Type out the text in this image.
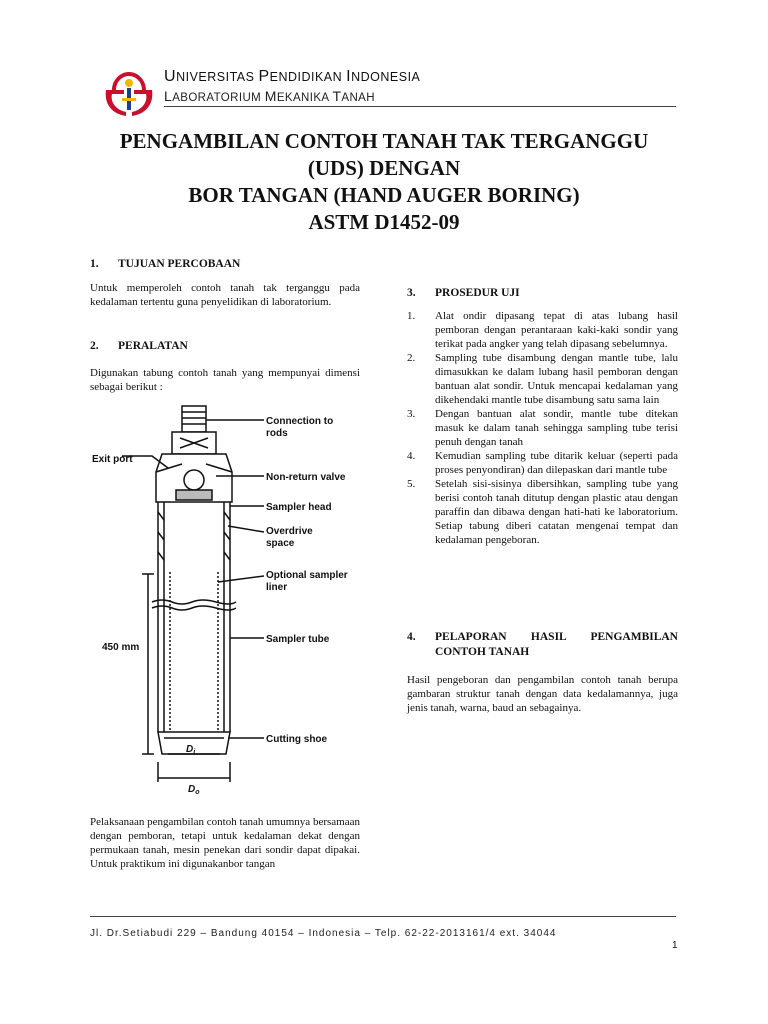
UNIVERSITAS PENDIDIKAN INDONESIA
LABORATORIUM MEKANIKA TANAH
PENGAMBILAN CONTOH TANAH TAK TERGANGGU
(UDS) DENGAN
BOR TANGAN (HAND AUGER BORING)
ASTM D1452-09
1. TUJUAN PERCOBAAN
Untuk memperoleh contoh tanah tak terganggu pada kedalaman tertentu guna penyelidikan di laboratorium.
2. PERALATAN
Digunakan tabung contoh tanah yang mempunyai dimensi sebagai berikut :
Connection to
rods
Exit port
Non-return valve
Sampler head
Overdrive
space
Optional sampler
liner
Sampler tube
450 mm
Cutting shoe
$D_i$
$D_o$
Pelaksanaan pengambilan contoh tanah umumnya bersamaan dengan pemboran, tetapi untuk kedalaman dekat dengan permukaan tanah, mesin penekan dari sondir dapat dipakai. Untuk praktikum ini digunakanbor tangan
3. PROSEDUR UJI
1. Alat ondir dipasang tepat di atas lubang hasil pemboran dengan perantaraan kaki-kaki sondir yang terikat pada angker yang telah dipasang sebelumnya.
2. Sampling tube disambung dengan mantle tube, lalu dimasukkan ke dalam lubang hasil pemboran dengan bantuan alat sondir. Untuk mencapai kedalaman yang dikehendaki mantle tube disambung satu sama lain
3. Dengan bantuan alat sondir, mantle tube ditekan masuk ke dalam tanah sehingga sampling tube terisi penuh dengan tanah
4. Kemudian sampling tube ditarik keluar (seperti pada proses penyondiran) dan dilepaskan dari mantle tube
5. Setelah sisi-sisinya dibersihkan, sampling tube yang berisi contoh tanah ditutup dengan plastic atau dengan paraffin dan dibawa dengan hati-hati ke laboratorium. Setiap tabung diberi catatan mengenai tempat dan kedalaman pengeboran.
4. PELAPORAN HASIL PENGAMBILAN CONTOH TANAH
Hasil pengeboran dan pengambilan contoh tanah berupa gambaran struktur tanah dengan data kedalamannya, juga jenis tanah, warna, baud an sebagainya.
Jl. Dr.Setiabudi 229 – Bandung 40154 – Indonesia – Telp. 62-22-2013161/4 ext. 34044
1
